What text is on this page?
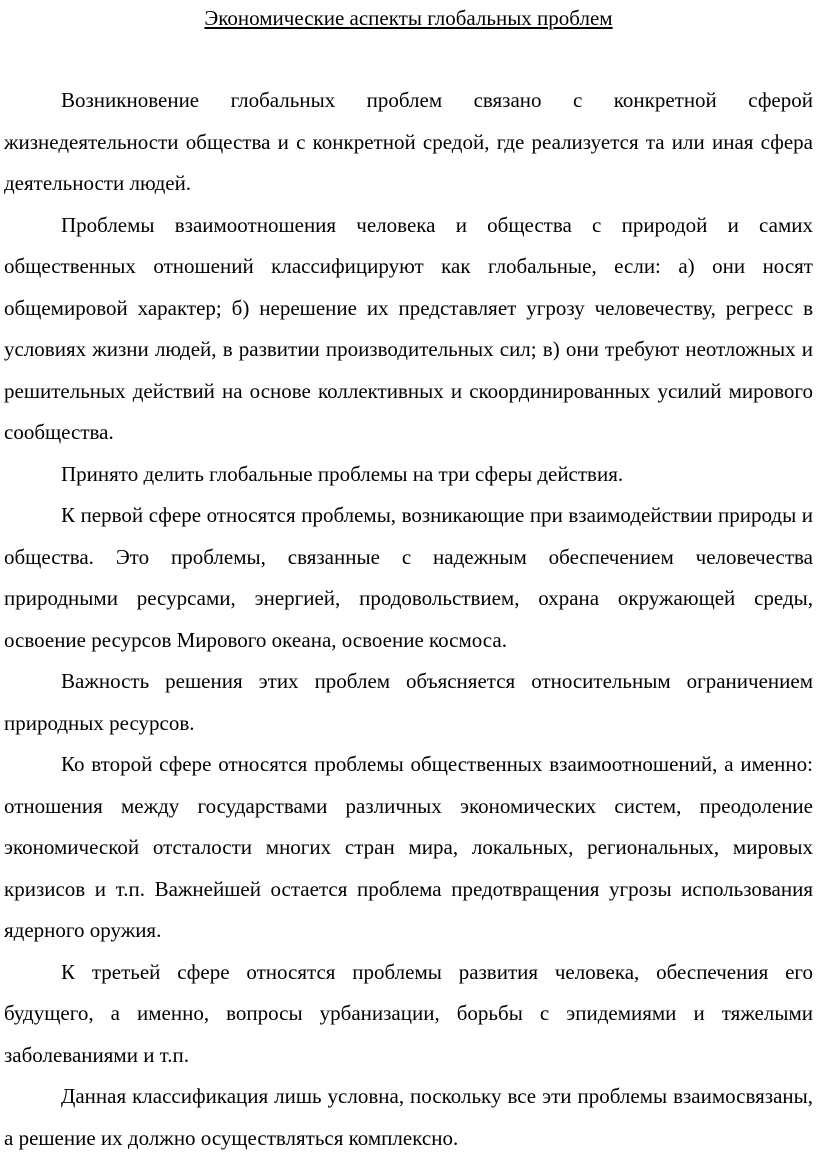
Экономические аспекты глобальных проблем

Возникновение глобальных проблем связано с конкретной сферой жизнедеятельности общества и с конкретной средой, где реализуется та или иная сфера деятельности людей.

Проблемы взаимоотношения человека и общества с природой и самих общественных отношений классифицируют как глобальные, если: а) они носят общемировой характер; б) нерешение их представляет угрозу человечеству, регресс в условиях жизни людей, в развитии производительных сил; в) они требуют неотложных и решительных действий на основе коллективных и скоординированных усилий мирового сообщества.

Принято делить глобальные проблемы на три сферы действия.

К первой сфере относятся проблемы, возникающие при взаимодействии природы и общества. Это проблемы, связанные с надежным обеспечением человечества природными ресурсами, энергией, продовольствием, охрана окружающей среды, освоение ресурсов Мирового океана, освоение космоса.

Важность решения этих проблем объясняется относительным ограничением природных ресурсов.

Ко второй сфере относятся проблемы общественных взаимоотношений, а именно: отношения между государствами различных экономических систем, преодоление экономической отсталости многих стран мира, локальных, региональных, мировых кризисов и т.п. Важнейшей остается проблема предотвращения угрозы использования ядерного оружия.

К третьей сфере относятся проблемы развития человека, обеспечения его будущего, а именно, вопросы урбанизации, борьбы с эпидемиями и тяжелыми заболеваниями и т.п.

Данная классификация лишь условна, поскольку все эти проблемы взаимосвязаны, а решение их должно осуществляться комплексно.
